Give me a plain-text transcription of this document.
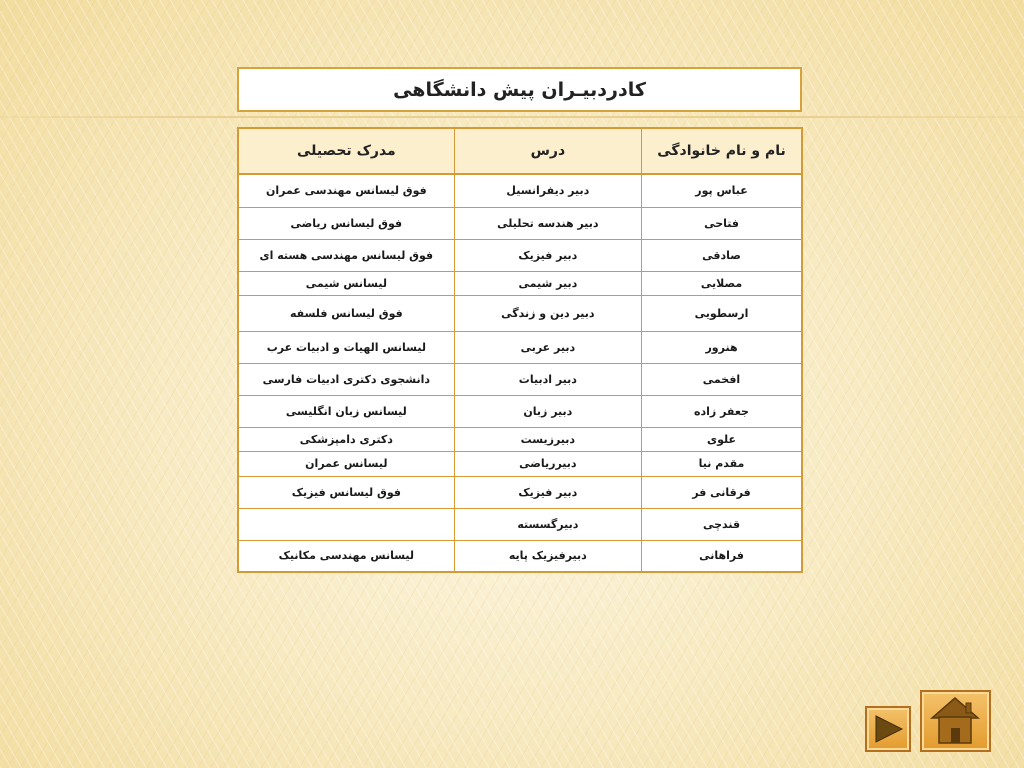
کادردبیـران پیش دانشگاهی
نام و نام خانوادگی	درس	مدرک تحصیلی
عباس پور	دبیر دیفرانسیل	فوق لیسانس مهندسی عمران
فتاحی	دبیر هندسه تحلیلی	فوق لیسانس ریاضی
صادقی	دبیر فیزیک	فوق لیسانس مهندسی هسته ای
مصلایی	دبیر شیمی	لیسانس شیمی
ارسطویی	دبیر دین و زندگی	فوق لیسانس فلسفه
هنرور	دبیر عربی	لیسانس الهیات و ادبیات عرب
افخمی	دبیر ادبیات	دانشجوی دکتری ادبیات فارسی
جعفر زاده	دبیر زبان	لیسانس زبان انگلیسی
علوی	دبیرزیست	دکتری دامپزشکی
مقدم نیا	دبیرریاضی	لیسانس عمران
فرقانی فر	دبیر فیزیک	فوق لیسانس فیزیک
قندچی	دبیرگسسته	
فراهانی	دبیرفیزیک پایه	لیسانس مهندسی مکانیک
